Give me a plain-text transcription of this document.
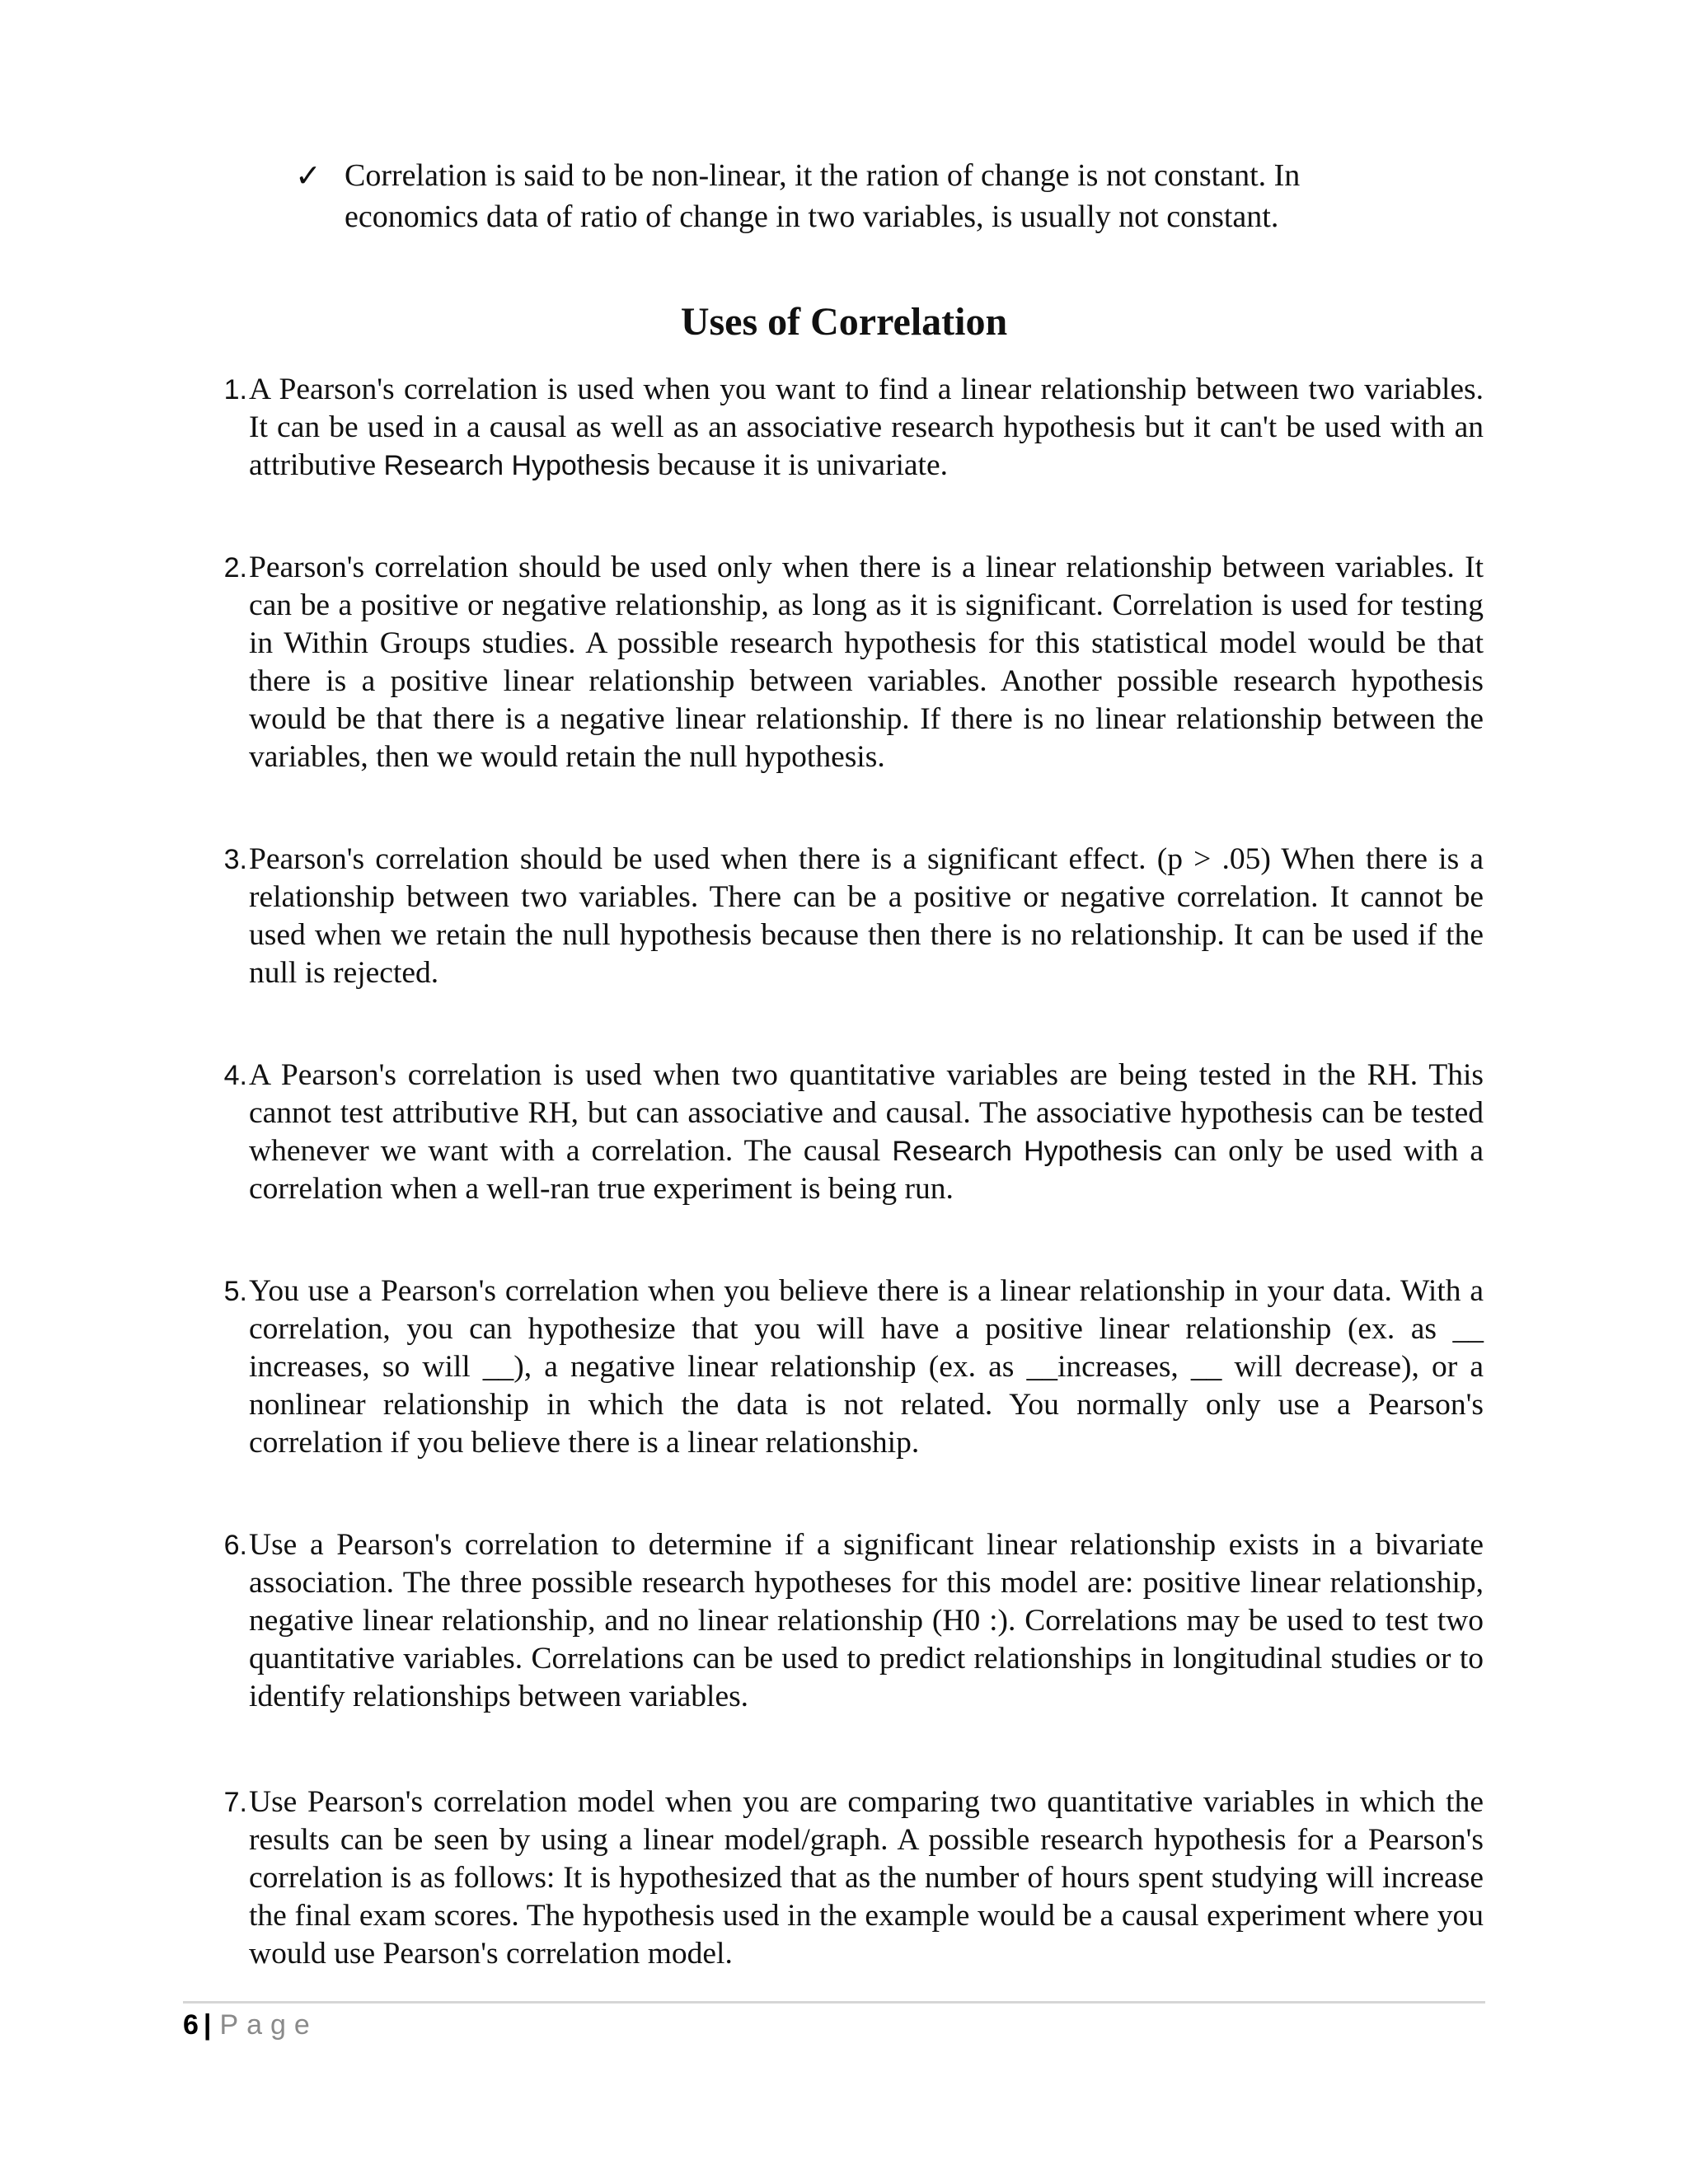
✓ Correlation is said to be non-linear, it the ration of change is not constant. In economics data of ratio of change in two variables, is usually not constant.
Uses of Correlation
1. A Pearson's correlation is used when you want to find a linear relationship between two variables. It can be used in a causal as well as an associative research hypothesis but it can't be used with an attributive Research Hypothesis because it is univariate.
2. Pearson's correlation should be used only when there is a linear relationship between variables. It can be a positive or negative relationship, as long as it is significant. Correlation is used for testing in Within Groups studies. A possible research hypothesis for this statistical model would be that there is a positive linear relationship between variables. Another possible research hypothesis would be that there is a negative linear relationship. If there is no linear relationship between the variables, then we would retain the null hypothesis.
3. Pearson's correlation should be used when there is a significant effect. (p > .05) When there is a relationship between two variables. There can be a positive or negative correlation. It cannot be used when we retain the null hypothesis because then there is no relationship. It can be used if the null is rejected.
4. A Pearson's correlation is used when two quantitative variables are being tested in the RH. This cannot test attributive RH, but can associative and causal. The associative hypothesis can be tested whenever we want with a correlation. The causal Research Hypothesis can only be used with a correlation when a well-ran true experiment is being run.
5. You use a Pearson's correlation when you believe there is a linear relationship in your data. With a correlation, you can hypothesize that you will have a positive linear relationship (ex. as __ increases, so will __), a negative linear relationship (ex. as __increases, __ will decrease), or a nonlinear relationship in which the data is not related. You normally only use a Pearson's correlation if you believe there is a linear relationship.
6. Use a Pearson's correlation to determine if a significant linear relationship exists in a bivariate association. The three possible research hypotheses for this model are: positive linear relationship, negative linear relationship, and no linear relationship (H0 :). Correlations may be used to test two quantitative variables. Correlations can be used to predict relationships in longitudinal studies or to identify relationships between variables.
7. Use Pearson's correlation model when you are comparing two quantitative variables in which the results can be seen by using a linear model/graph. A possible research hypothesis for a Pearson's correlation is as follows: It is hypothesized that as the number of hours spent studying will increase the final exam scores. The hypothesis used in the example would be a causal experiment where you would use Pearson's correlation model.
6 | Page
